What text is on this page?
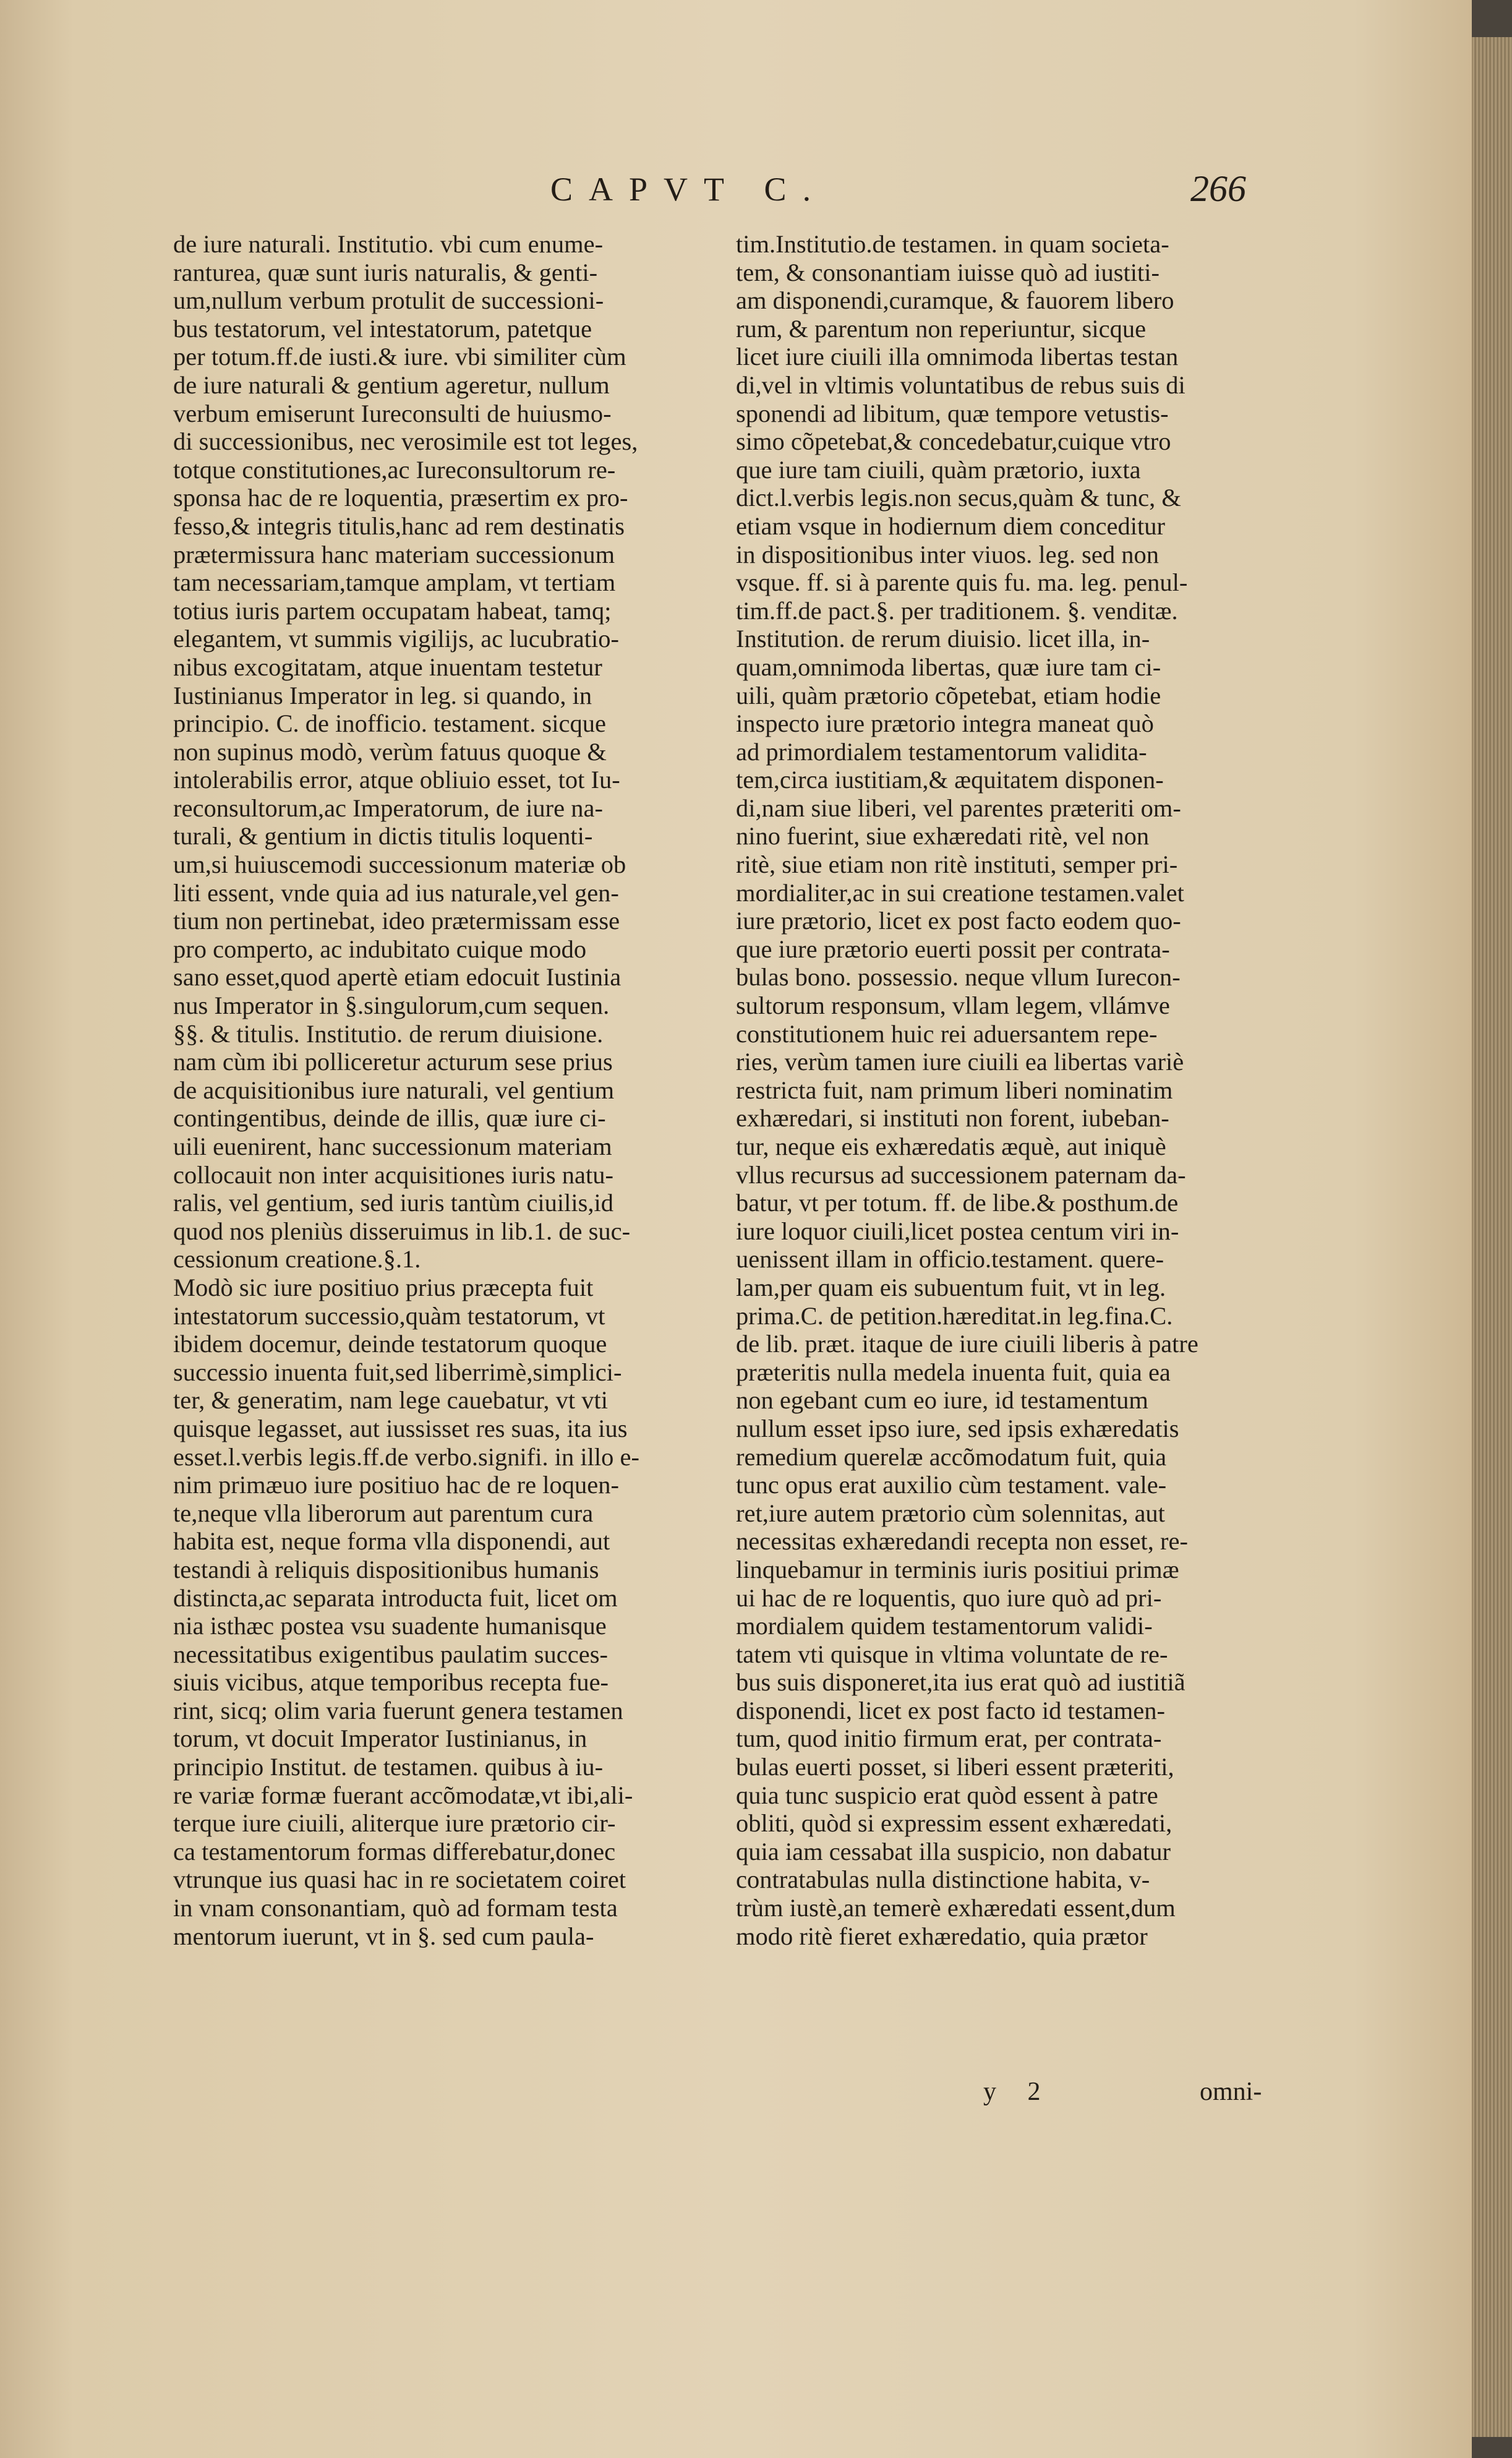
CAPVT C.	266
de iure naturali. Institutio. vbi cum enume-
ranturea, quæ sunt iuris naturalis, & genti-
um,nullum verbum protulit de successioni-
bus testatorum, vel intestatorum, patetque
per totum.ff.de iusti.& iure. vbi similiter cùm
de iure naturali & gentium ageretur, nullum
verbum emiserunt Iureconsulti de huiusmo-
di successionibus, nec verosimile est tot leges,
totque constitutiones,ac Iureconsultorum re-
sponsa hac de re loquentia, præsertim ex pro-
fesso,& integris titulis,hanc ad rem destinatis
prætermissura hanc materiam successionum
tam necessariam,tamque amplam, vt tertiam
totius iuris partem occupatam habeat, tamq;
elegantem, vt summis vigilijs, ac lucubratio-
nibus excogitatam, atque inuentam testetur
Iustinianus Imperator in leg. si quando, in
principio. C. de inofficio. testament. sicque
non supinus modò, verùm fatuus quoque &
intolerabilis error, atque obliuio esset, tot Iu-
reconsultorum,ac Imperatorum, de iure na-
turali, & gentium in dictis titulis loquenti-
um,si huiuscemodi successionum materiæ ob
liti essent, vnde quia ad ius naturale,vel gen-
tium non pertinebat, ideo prætermissam esse
pro comperto, ac indubitato cuique modo
sano esset,quod apertè etiam edocuit Iustinia
nus Imperator in §.singulorum,cum sequen.
§§. & titulis. Institutio. de rerum diuisione.
nam cùm ibi polliceretur acturum sese prius
de acquisitionibus iure naturali, vel gentium
contingentibus, deinde de illis, quæ iure ci-
uili euenirent, hanc successionum materiam
collocauit non inter acquisitiones iuris natu-
ralis, vel gentium, sed iuris tantùm ciuilis,id
quod nos pleniùs disseruimus in lib.1. de suc-
cessionum creatione.§.1.
Modò sic iure positiuo prius præcepta fuit
intestatorum successio,quàm testatorum, vt
ibidem docemur, deinde testatorum quoque
successio inuenta fuit,sed liberrimè,simplici-
ter, & generatim, nam lege cauebatur, vt vti
quisque legasset, aut iussisset res suas, ita ius
esset.l.verbis legis.ff.de verbo.signifi. in illo e-
nim primæuo iure positiuo hac de re loquen-
te,neque vlla liberorum aut parentum cura
habita est, neque forma vlla disponendi, aut
testandi à reliquis dispositionibus humanis
distincta,ac separata introducta fuit, licet om
nia isthæc postea vsu suadente humanisque
necessitatibus exigentibus paulatim succes-
siuis vicibus, atque temporibus recepta fue-
rint, sicq; olim varia fuerunt genera testamen
torum, vt docuit Imperator Iustinianus, in
principio Institut. de testamen. quibus à iu-
re variæ formæ fuerant accõmodatæ,vt ibi,ali-
terque iure ciuili, aliterque iure prætorio cir-
ca testamentorum formas differebatur,donec
vtrunque ius quasi hac in re societatem coiret
in vnam consonantiam, quò ad formam testa
mentorum iuerunt, vt in §. sed cum paula-
tim.Institutio.de testamen. in quam societa-
tem, & consonantiam iuisse quò ad iustiti-
am disponendi,curamque, & fauorem libero
rum, & parentum non reperiuntur, sicque
licet iure ciuili illa omnimoda libertas testan
di,vel in vltimis voluntatibus de rebus suis di
sponendi ad libitum, quæ tempore vetustis-
simo cõpetebat,& concedebatur,cuique vtro
que iure tam ciuili, quàm prætorio, iuxta
dict.l.verbis legis.non secus,quàm & tunc, &
etiam vsque in hodiernum diem conceditur
in dispositionibus inter viuos. leg. sed non
vsque. ff. si à parente quis fu. ma. leg. penul-
tim.ff.de pact.§. per traditionem. §. venditæ.
Institution. de rerum diuisio. licet illa, in-
quam,omnimoda libertas, quæ iure tam ci-
uili, quàm prætorio cõpetebat, etiam hodie
inspecto iure prætorio integra maneat quò
ad primordialem testamentorum validita-
tem,circa iustitiam,& æquitatem disponen-
di,nam siue liberi, vel parentes præteriti om-
nino fuerint, siue exhæredati ritè, vel non
ritè, siue etiam non ritè instituti, semper pri-
mordialiter,ac in sui creatione testamen.valet
iure prætorio, licet ex post facto eodem quo-
que iure prætorio euerti possit per contrata-
bulas bono. possessio. neque vllum Iurecon-
sultorum responsum, vllam legem, vllámve
constitutionem huic rei aduersantem repe-
ries, verùm tamen iure ciuili ea libertas variè
restricta fuit, nam primum liberi nominatim
exhæredari, si instituti non forent, iubeban-
tur, neque eis exhæredatis æquè, aut iniquè
vllus recursus ad successionem paternam da-
batur, vt per totum. ff. de libe.& posthum.de
iure loquor ciuili,licet postea centum viri in-
uenissent illam in officio.testament. quere-
lam,per quam eis subuentum fuit, vt in leg.
prima.C. de petition.hæreditat.in leg.fina.C.
de lib. præt. itaque de iure ciuili liberis à patre
præteritis nulla medela inuenta fuit, quia ea
non egebant cum eo iure, id testamentum
nullum esset ipso iure, sed ipsis exhæredatis
remedium querelæ accõmodatum fuit, quia
tunc opus erat auxilio cùm testament. vale-
ret,iure autem prætorio cùm solennitas, aut
necessitas exhæredandi recepta non esset, re-
linquebamur in terminis iuris positiui primæ
ui hac de re loquentis, quo iure quò ad pri-
mordialem quidem testamentorum validi-
tatem vti quisque in vltima voluntate de re-
bus suis disponeret,ita ius erat quò ad iustitiã
disponendi, licet ex post facto id testamen-
tum, quod initio firmum erat, per contrata-
bulas euerti posset, si liberi essent præteriti,
quia tunc suspicio erat quòd essent à patre
obliti, quòd si expressim essent exhæredati,
quia iam cessabat illa suspicio, non dabatur
contratabulas nulla distinctione habita, v-
trùm iustè,an temerè exhæredati essent,dum
modo ritè fieret exhæredatio, quia prætor
y 2	omni-
